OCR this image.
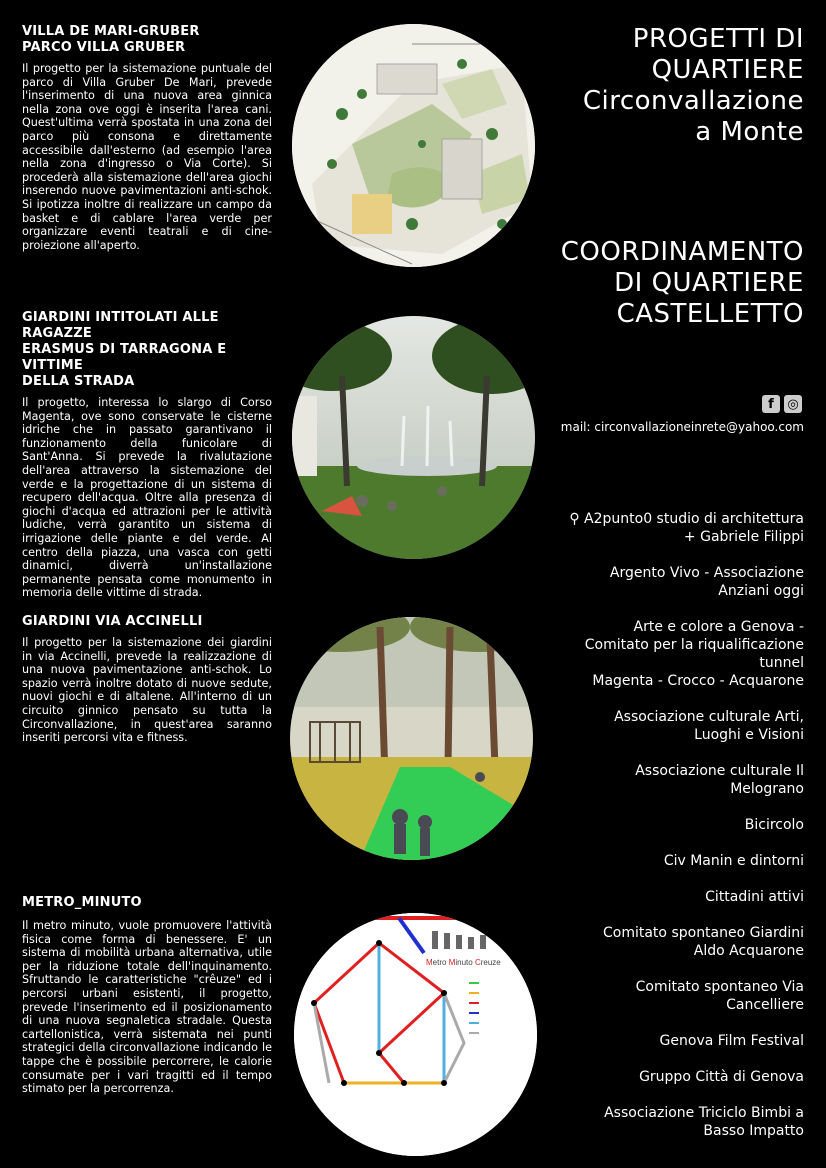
VILLA DE MARI-GRUBER
PARCO VILLA GRUBER

Il progetto per la sistemazione puntuale del parco di Villa Gruber De Mari, prevede l'inserimento di una nuova area ginnica nella zona ove oggi è inserita l'area cani. Quest'ultima verrà spostata in una zona del parco più consona e direttamente accessibile dall'esterno (ad esempio l'area nella zona d'ingresso o Via Corte). Si procederà alla sistemazione dell'area giochi inserendo nuove pavimentazioni anti-schok. Si ipotizza inoltre di realizzare un campo da basket e di cablare l'area verde per organizzare eventi teatrali e di cine-proiezione all'aperto.

GIARDINI INTITOLATI ALLE RAGAZZE
ERASMUS DI TARRAGONA E VITTIME
DELLA STRADA

Il progetto, interessa lo slargo di Corso Magenta, ove sono conservate le cisterne idriche che in passato garantivano il funzionamento della funicolare di Sant'Anna. Si prevede la rivalutazione dell'area attraverso la sistemazione del verde e la progettazione di un sistema di recupero dell'acqua. Oltre alla presenza di giochi d'acqua ed attrazioni per le attività ludiche, verrà garantito un sistema di irrigazione delle piante e del verde. Al centro della piazza, una vasca con getti dinamici, diverrà un'installazione permanente pensata come monumento in memoria delle vittime di strada.

GIARDINI VIA ACCINELLI

Il progetto per la sistemazione dei giardini in via Accinelli, prevede la realizzazione di una nuova pavimentazione anti-schok. Lo spazio verrà inoltre dotato di nuove sedute, nuovi giochi e di altalene. All'interno di un circuito ginnico pensato su tutta la Circonvallazione, in quest'area saranno inseriti percorsi vita e fitness.

METRO_MINUTO

Il metro minuto, vuole promuovere l'attività fisica come forma di benessere. E' un sistema di mobilità urbana alternativa, utile per la riduzione totale dell'inquinamento. Sfruttando le caratteristiche "crêuze" ed i percorsi urbani esistenti, il progetto, prevede l'inserimento ed il posizionamento di una nuova segnaletica stradale. Questa cartellonistica, verrà sistemata nei punti strategici della circonvallazione indicando le tappe che è possibile percorrere, le calorie consumate per i vari tragitti ed il tempo stimato per la percorrenza.

Metro Minuto Creuze
PROGETTI DI
QUARTIERE
Circonvallazione
a Monte
COORDINAMENTO
DI QUARTIERE
CASTELLETTO
f	◎
mail: circonvallazioneinrete@yahoo.com
⚲ A2punto0 studio di architettura
+ Gabriele Filippi
Argento Vivo - Associazione
Anziani oggi
Arte e colore a Genova -
Comitato per la riqualificazione
tunnel
Magenta - Crocco - Acquarone
Associazione culturale Arti,
Luoghi e Visioni
Associazione culturale Il
Melograno
Bicircolo
Civ Manin e dintorni
Cittadini attivi
Comitato spontaneo Giardini
Aldo Acquarone
Comitato spontaneo Via
Cancelliere
Genova Film Festival
Gruppo Città di Genova
Associazione Triciclo Bimbi a
Basso Impatto
